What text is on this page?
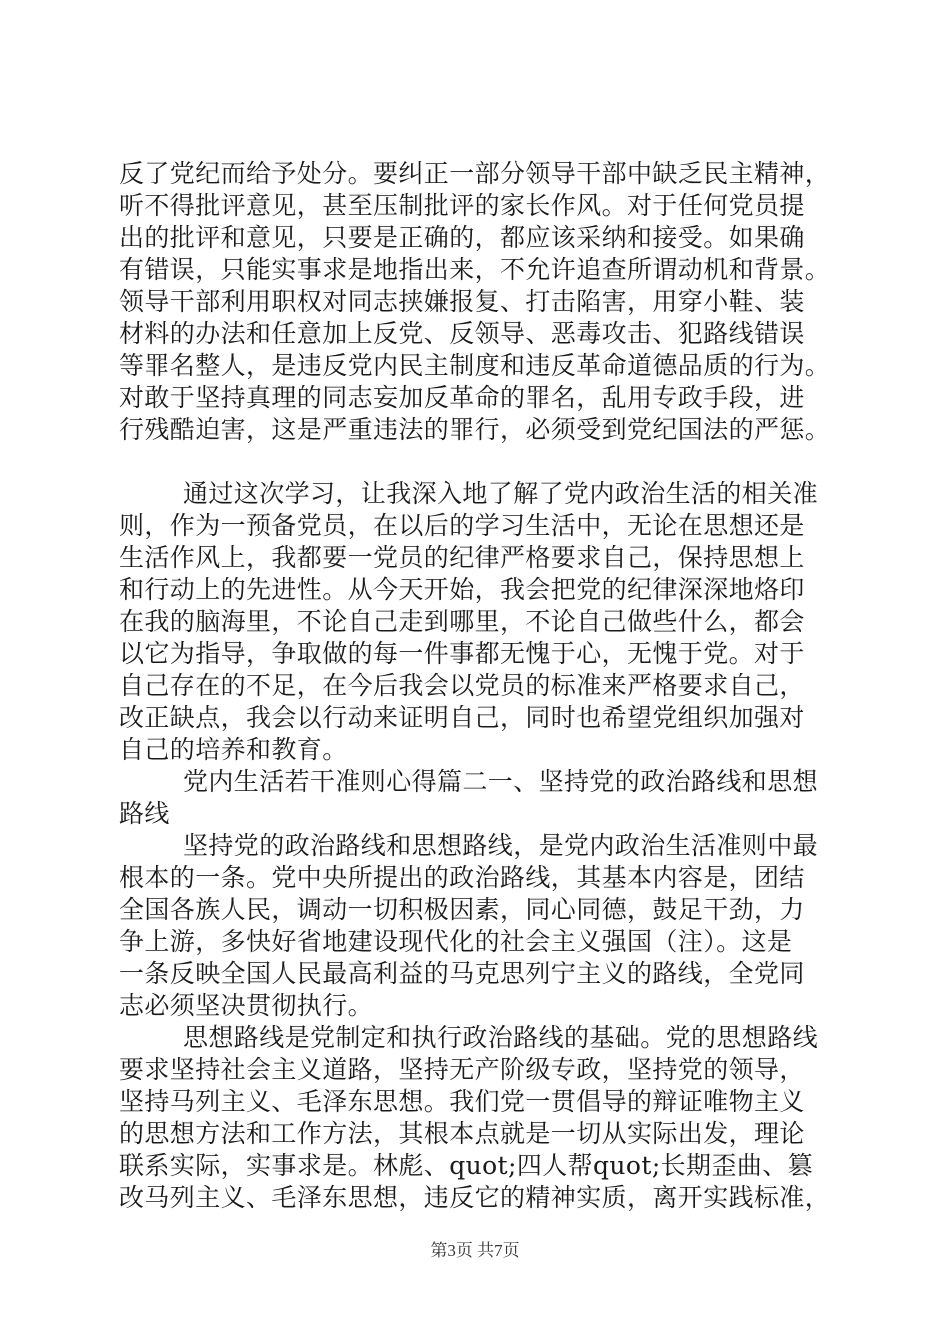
反了党纪而给予处分。要纠正一部分领导干部中缺乏民主精神，
听不得批评意见，甚至压制批评的家长作风。对于任何党员提
出的批评和意见，只要是正确的，都应该采纳和接受。如果确
有错误，只能实事求是地指出来，不允许追查所谓动机和背景。
领导干部利用职权对同志挟嫌报复、打击陷害，用穿小鞋、装
材料的办法和任意加上反党、反领导、恶毒攻击、犯路线错误
等罪名整人，是违反党内民主制度和违反革命道德品质的行为。
对敢于坚持真理的同志妄加反革命的罪名，乱用专政手段，进
行残酷迫害，这是严重违法的罪行，必须受到党纪国法的严惩。
通过这次学习，让我深入地了解了党内政治生活的相关准
则，作为一预备党员，在以后的学习生活中，无论在思想还是
生活作风上，我都要一党员的纪律严格要求自己，保持思想上
和行动上的先进性。从今天开始，我会把党的纪律深深地烙印
在我的脑海里，不论自己走到哪里，不论自己做些什么，都会
以它为指导，争取做的每一件事都无愧于心，无愧于党。对于
自己存在的不足，在今后我会以党员的标准来严格要求自己，
改正缺点，我会以行动来证明自己，同时也希望党组织加强对
自己的培养和教育。
党内生活若干准则心得篇二一、坚持党的政治路线和思想
路线
坚持党的政治路线和思想路线，是党内政治生活准则中最
根本的一条。党中央所提出的政治路线，其基本内容是，团结
全国各族人民，调动一切积极因素，同心同德，鼓足干劲，力
争上游，多快好省地建设现代化的社会主义强国（注）。这是
一条反映全国人民最高利益的马克思列宁主义的路线，全党同
志必须坚决贯彻执行。
思想路线是党制定和执行政治路线的基础。党的思想路线
要求坚持社会主义道路，坚持无产阶级专政，坚持党的领导，
坚持马列主义、毛泽东思想。我们党一贯倡导的辩证唯物主义
的思想方法和工作方法，其根本点就是一切从实际出发，理论
联系实际，实事求是。林彪、quot;四人帮quot;长期歪曲、篡
改马列主义、毛泽东思想，违反它的精神实质，离开实践标准，
第3页 共7页
